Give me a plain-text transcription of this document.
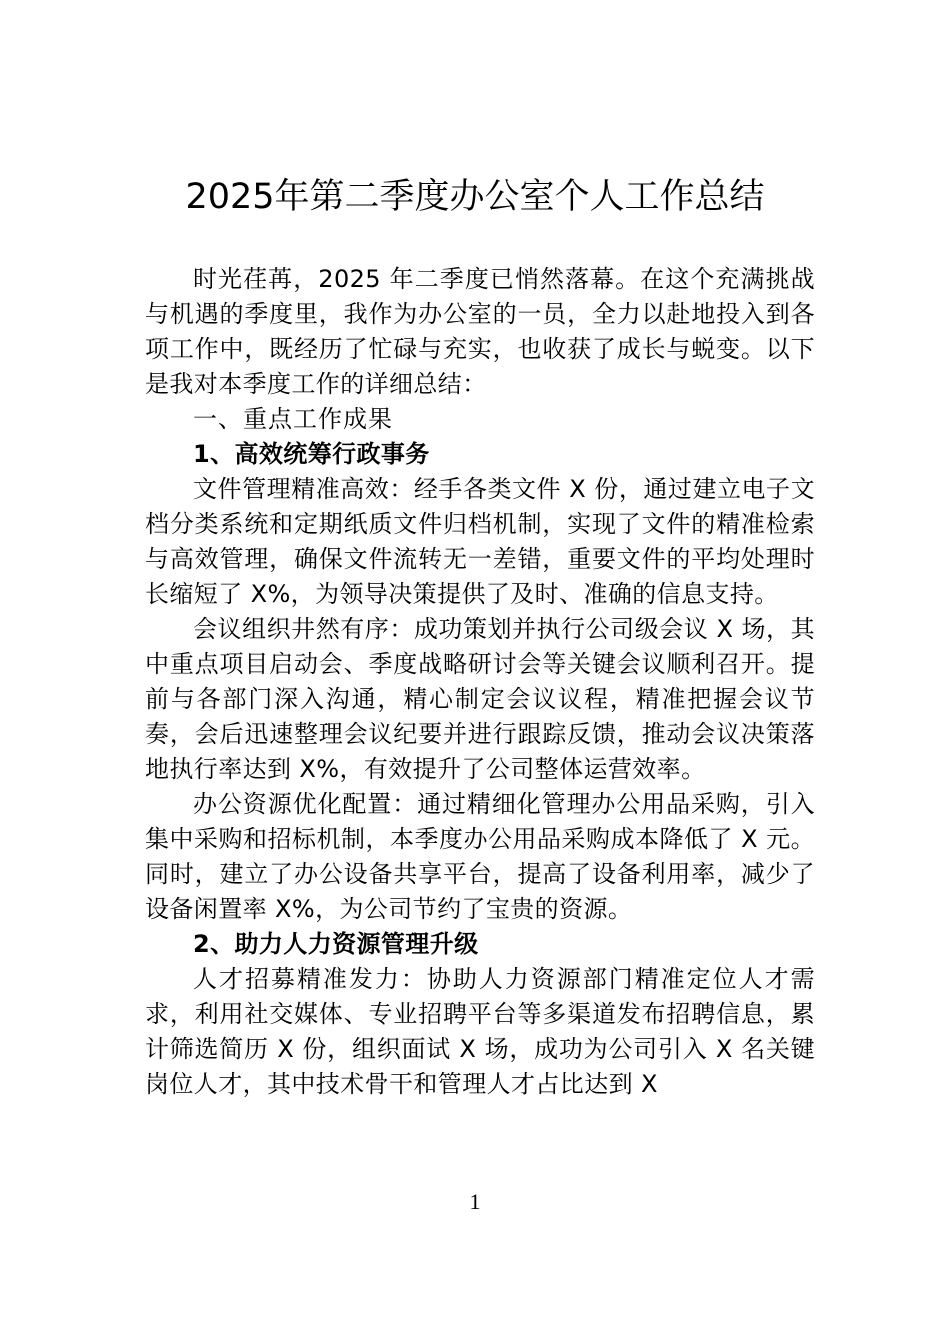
2025年第二季度办公室个人工作总结

时光荏苒，2025 年二季度已悄然落幕。在这个充满挑战与机遇的季度里，我作为办公室的一员，全力以赴地投入到各项工作中，既经历了忙碌与充实，也收获了成长与蜕变。以下是我对本季度工作的详细总结：

一、重点工作成果

1、高效统筹行政事务

文件管理精准高效：经手各类文件 X 份，通过建立电子文档分类系统和定期纸质文件归档机制，实现了文件的精准检索与高效管理，确保文件流转无一差错，重要文件的平均处理时长缩短了 X%，为领导决策提供了及时、准确的信息支持。

会议组织井然有序：成功策划并执行公司级会议 X 场，其中重点项目启动会、季度战略研讨会等关键会议顺利召开。提前与各部门深入沟通，精心制定会议议程，精准把握会议节奏，会后迅速整理会议纪要并进行跟踪反馈，推动会议决策落地执行率达到 X%，有效提升了公司整体运营效率。

办公资源优化配置：通过精细化管理办公用品采购，引入集中采购和招标机制，本季度办公用品采购成本降低了 X 元。同时，建立了办公设备共享平台，提高了设备利用率，减少了设备闲置率 X%，为公司节约了宝贵的资源。

2、助力人力资源管理升级

人才招募精准发力：协助人力资源部门精准定位人才需求，利用社交媒体、专业招聘平台等多渠道发布招聘信息，累计筛选简历 X 份，组织面试 X 场，成功为公司引入 X 名关键岗位人才，其中技术骨干和管理人才占比达到 X

1
